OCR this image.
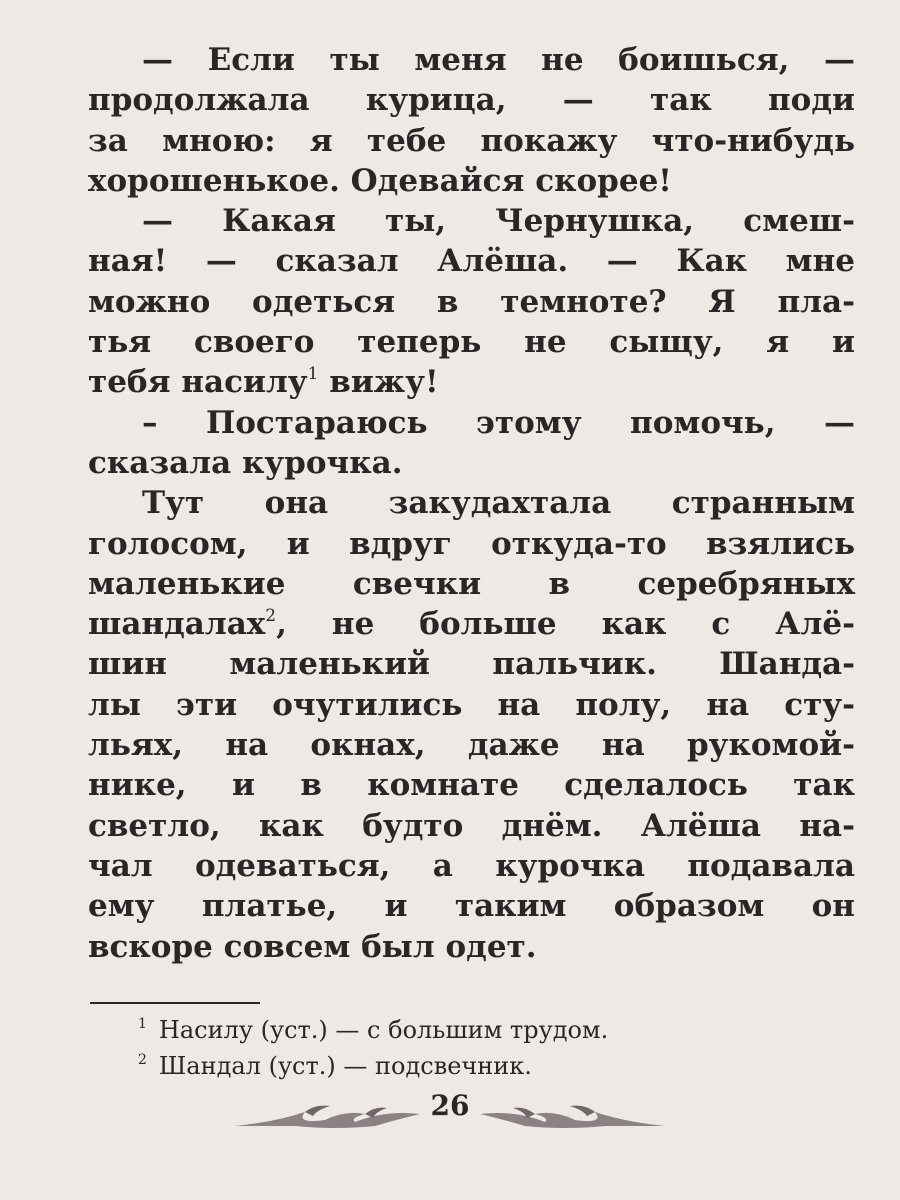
— Если ты меня не боишься, —
продолжала курица, — так поди
за мною: я тебе покажу что-нибудь
хорошенькое. Одевайся скорее!
— Какая ты, Чернушка, смеш-
ная! — сказал Алёша. — Как мне
можно одеться в темноте? Я пла-
тья своего теперь не сыщу, я и
тебя насилу$^1$ вижу!
– Постараюсь этому помочь, —
сказала курочка.
Тут она закудахтала странным
голосом, и вдруг откуда-то взялись
маленькие свечки в серебряных
шандалах$^2$, не больше как с Алё-
шин маленький пальчик. Шанда-
лы эти очутились на полу, на сту-
льях, на окнах, даже на рукомой-
нике, и в комнате сделалось так
светло, как будто днём. Алёша на-
чал одеваться, а курочка подавала
ему платье, и таким образом он
вскоре совсем был одет.
$^1$ Насилу (уст.) — с большим трудом.
$^2$ Шандал (уст.) — подсвечник.
26
